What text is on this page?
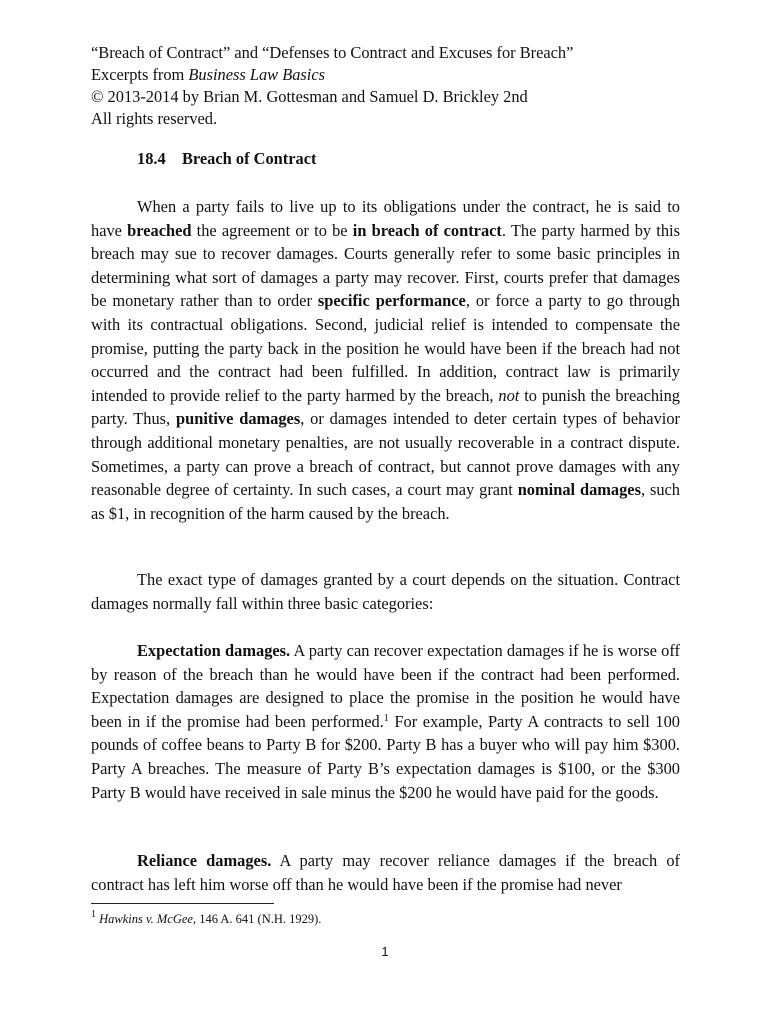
“Breach of Contract” and “Defenses to Contract and Excuses for Breach”
Excerpts from Business Law Basics
© 2013-2014 by Brian M. Gottesman and Samuel D. Brickley 2nd
All rights reserved.
18.4 Breach of Contract

When a party fails to live up to its obligations under the contract, he is said to have breached the agreement or to be in breach of contract. The party harmed by this breach may sue to recover damages. Courts generally refer to some basic principles in determining what sort of damages a party may recover. First, courts prefer that damages be monetary rather than to order specific performance, or force a party to go through with its contractual obligations. Second, judicial relief is intended to compensate the promise, putting the party back in the position he would have been if the breach had not occurred and the contract had been fulfilled. In addition, contract law is primarily intended to provide relief to the party harmed by the breach, not to punish the breaching party. Thus, punitive damages, or damages intended to deter certain types of behavior through additional monetary penalties, are not usually recoverable in a contract dispute. Sometimes, a party can prove a breach of contract, but cannot prove damages with any reasonable degree of certainty. In such cases, a court may grant nominal damages, such as $1, in recognition of the harm caused by the breach.

The exact type of damages granted by a court depends on the situation. Contract damages normally fall within three basic categories:

Expectation damages. A party can recover expectation damages if he is worse off by reason of the breach than he would have been if the contract had been performed. Expectation damages are designed to place the promise in the position he would have been in if the promise had been performed.$^1$ For example, Party A contracts to sell 100 pounds of coffee beans to Party B for $200. Party B has a buyer who will pay him $300. Party A breaches. The measure of Party B’s expectation damages is $100, or the $300 Party B would have received in sale minus the $200 he would have paid for the goods.

Reliance damages. A party may recover reliance damages if the breach of contract has left him worse off than he would have been if the promise had never

$^1$ Hawkins v. McGee, 146 A. 641 (N.H. 1929).
1
